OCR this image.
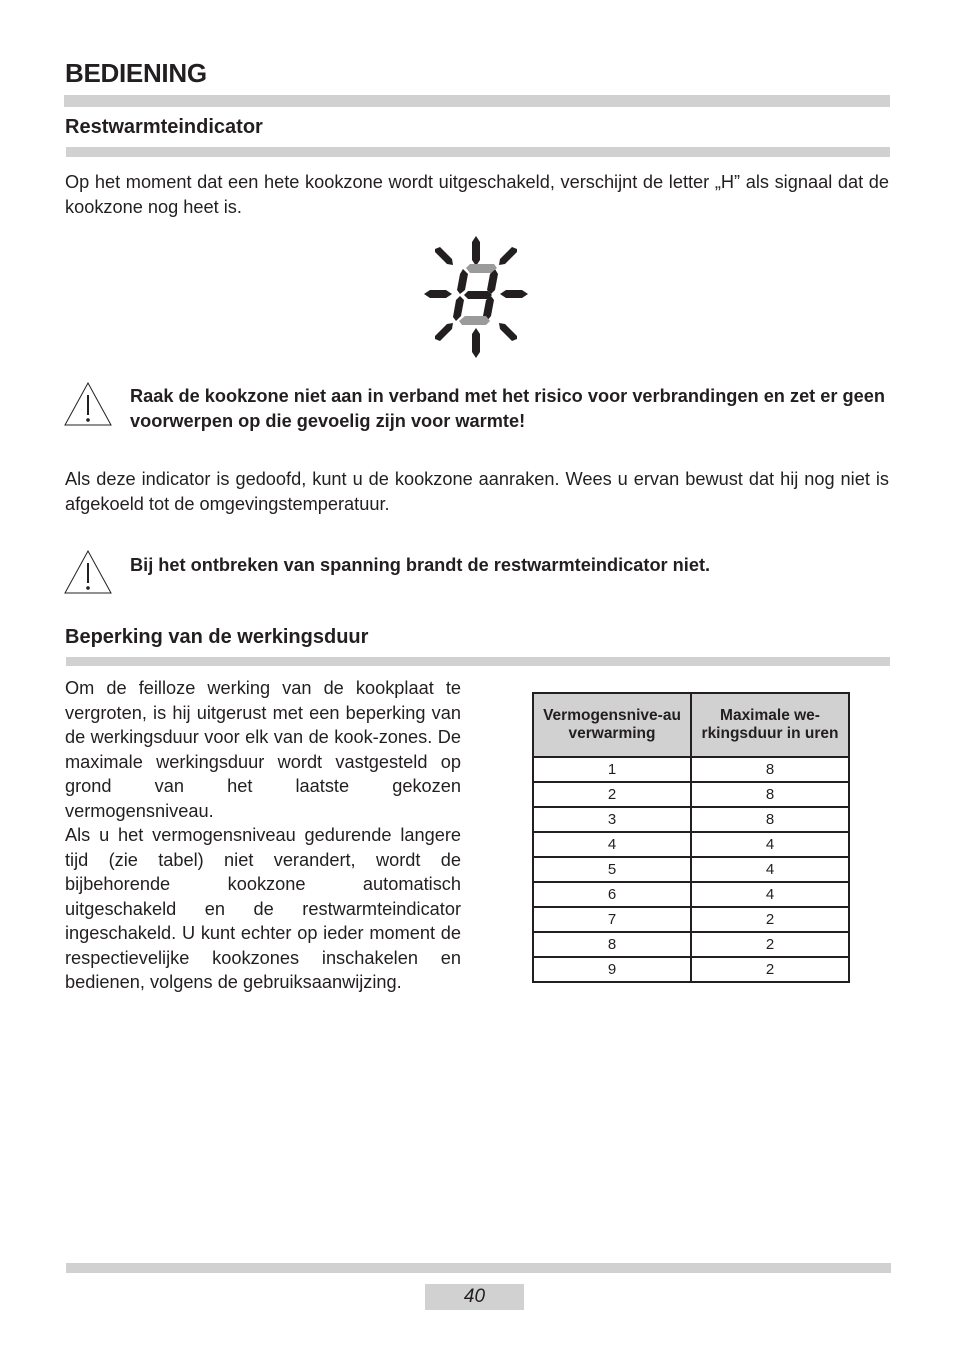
BEDIENING
Restwarmteindicator

Op het moment dat een hete kookzone wordt uitgeschakeld, verschijnt de letter „H” als signaal dat de kookzone nog heet is.

Raak de kookzone niet aan in verband met het risico voor verbrandingen en zet er geen voorwerpen op die gevoelig zijn voor warmte!

Als deze indicator is gedoofd, kunt u de kookzone aanraken. Wees u ervan bewust dat hij nog niet is afgekoeld tot de omgevingstemperatuur.

Bij het ontbreken van spanning brandt de restwarmteindicator niet.

Beperking van de werkingsduur

Om de feilloze werking van de kookplaat te vergroten, is hij uitgerust met een beperking van de werkingsduur voor elk van de kook-zones. De maximale werkingsduur wordt vastgesteld op grond van het laatste gekozen vermogensniveau.

Als u het vermogensniveau gedurende langere tijd (zie tabel) niet verandert, wordt de bijbehorende kookzone automatisch uitgeschakeld en de restwarmteindicator ingeschakeld. U kunt echter op ieder moment de respectievelijke kookzones inschakelen en bedienen, volgens de gebruiksaanwijzing.

Vermogensnive-au verwarming	Maximale we-rkingsduur in uren
1	8
2	8
3	8
4	4
5	4
6	4
7	2
8	2
9	2
40
